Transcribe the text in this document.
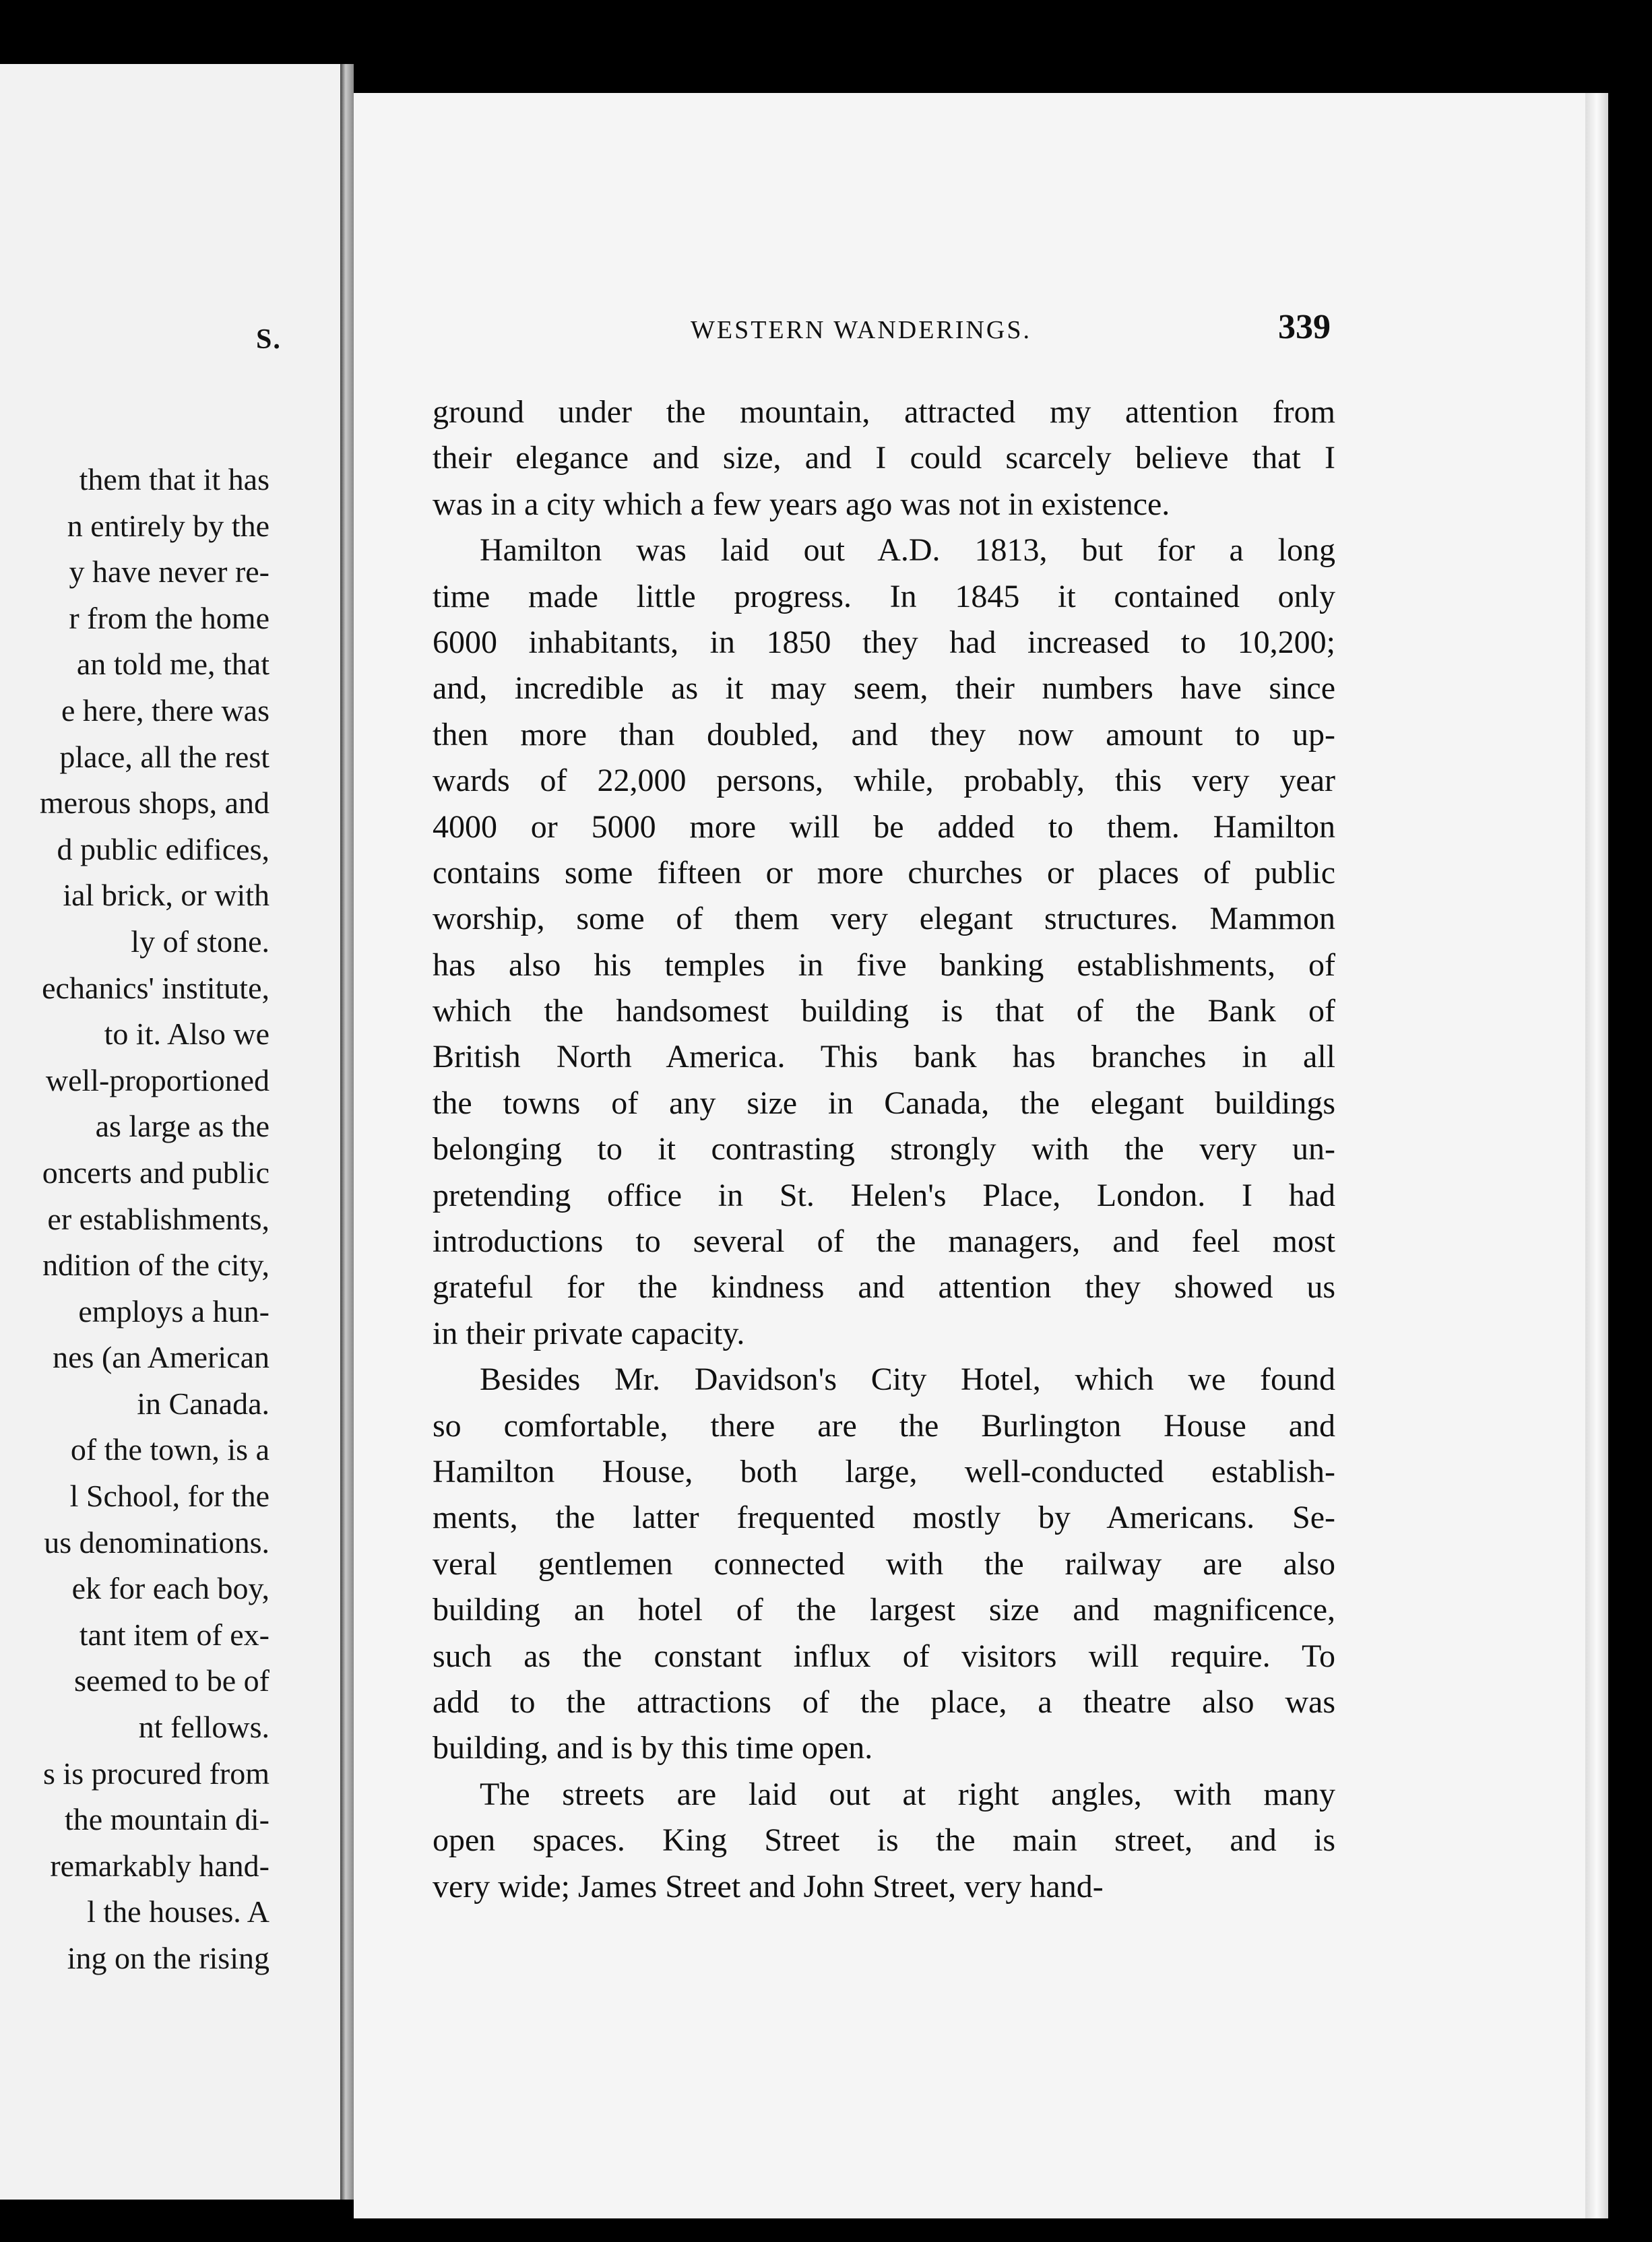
S.
them that it has
n entirely by the
y have never re-
r from the home
an told me, that
e here, there was
place, all the rest
merous shops, and
d public edifices,
ial brick, or with
ly of stone.
echanics' institute,
to it. Also we
well-proportioned
as large as the
oncerts and public
er establishments,
ndition of the city,
employs a hun-
nes (an American
in Canada.
of the town, is a
l School, for the
us denominations.
ek for each boy,
tant item of ex-
seemed to be of
nt fellows.
s is procured from
the mountain di-
remarkably hand-
l the houses. A
ing on the rising
WESTERN WANDERINGS.	339
ground under the mountain, attracted my attention from
their elegance and size, and I could scarcely believe that I
was in a city which a few years ago was not in existence.
Hamilton was laid out A.D. 1813, but for a long
time made little progress. In 1845 it contained only
6000 inhabitants, in 1850 they had increased to 10,200;
and, incredible as it may seem, their numbers have since
then more than doubled, and they now amount to up-
wards of 22,000 persons, while, probably, this very year
4000 or 5000 more will be added to them. Hamilton
contains some fifteen or more churches or places of public
worship, some of them very elegant structures. Mammon
has also his temples in five banking establishments, of
which the handsomest building is that of the Bank of
British North America. This bank has branches in all
the towns of any size in Canada, the elegant buildings
belonging to it contrasting strongly with the very un-
pretending office in St. Helen's Place, London. I had
introductions to several of the managers, and feel most
grateful for the kindness and attention they showed us
in their private capacity.
Besides Mr. Davidson's City Hotel, which we found
so comfortable, there are the Burlington House and
Hamilton House, both large, well-conducted establish-
ments, the latter frequented mostly by Americans. Se-
veral gentlemen connected with the railway are also
building an hotel of the largest size and magnificence,
such as the constant influx of visitors will require. To
add to the attractions of the place, a theatre also was
building, and is by this time open.
The streets are laid out at right angles, with many
open spaces. King Street is the main street, and is
very wide; James Street and John Street, very hand-
